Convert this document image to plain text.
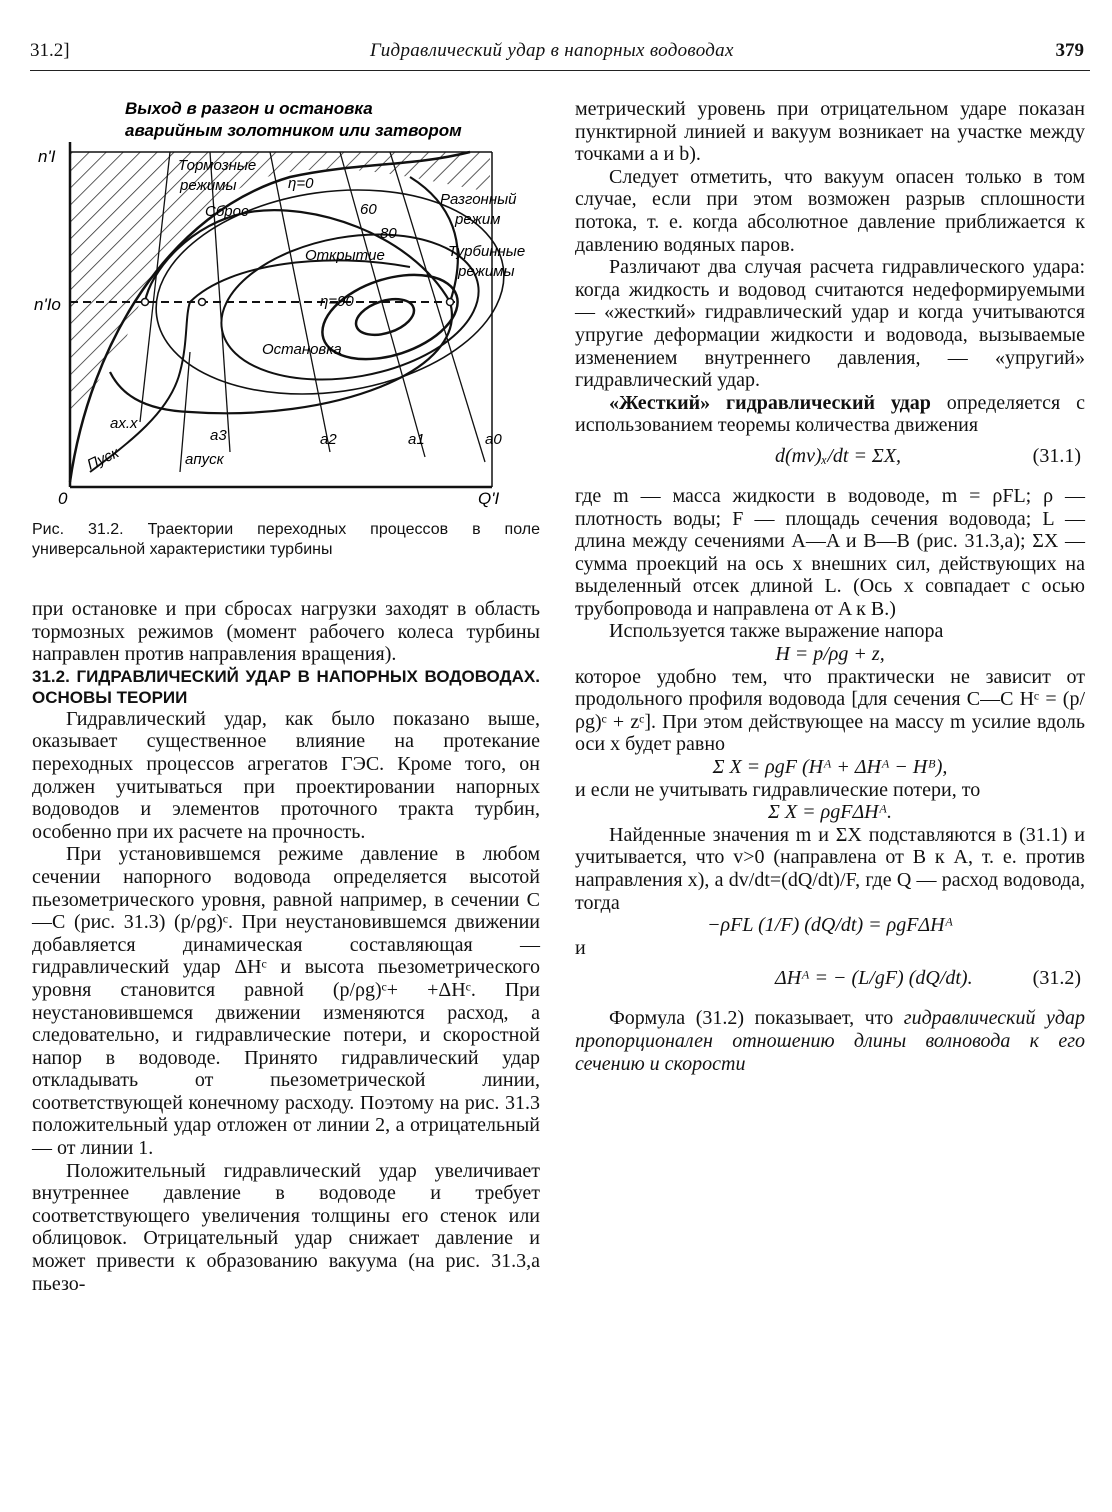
31.2]	Гидравлический удар в напорных водоводах	379
Выход в разгон и остановка
аварийным золотником или затвором
n'I
n'Io
Q'I
0
Тормозные
режимы	η=0
Сброс	60
80
Открытие
η=90
Остановка
Разгонный
режим
Турбинные
режимы
aх.х
a3	a2	a1	a0
Пуск	aпуск
Рис. 31.2. Траектории переходных процессов в поле универсальной характеристики турбины

при остановке и при сбросах нагрузки заходят в область тормозных режимов (момент рабочего колеса турбины направлен против направления вращения).

31.2. ГИДРАВЛИЧЕСКИЙ УДАР В НАПОРНЫХ ВОДОВОДАХ. ОСНОВЫ ТЕОРИИ

Гидравлический удар, как было показано выше, оказывает существенное влияние на протекание переходных процессов агрегатов ГЭС. Кроме того, он должен учитываться при проектировании напорных водоводов и элементов проточного тракта турбин, особенно при их расчете на прочность.

При установившемся режиме давление в любом сечении напорного водовода определяется высотой пьезометрического уровня, равной например, в сечении C—C (рис. 31.3) (p/ρg)ᶜ. При неустановившемся движении добавляется динамическая составляющая — гидравлический удар ΔHᶜ и высота пьезометрического уровня становится равной (p/ρg)ᶜ+ +ΔHᶜ. При неустановившемся движении изменяются расход, а следовательно, и гидравлические потери, и скоростной напор в водоводе. Принято гидравлический удар откладывать от пьезометрической линии, соответствующей конечному расходу. Поэтому на рис. 31.3 положительный удар отложен от линии 2, а отрицательный — от линии 1.

Положительный гидравлический удар увеличивает внутреннее давление в водоводе и требует соответствующего увеличения толщины его стенок или облицовок. Отрицательный удар снижает давление и может привести к образованию вакуума (на рис. 31.3,a пьезо-

метрический уровень при отрицательном ударе показан пунктирной линией и вакуум возникает на участке между точками a и b).

Следует отметить, что вакуум опасен только в том случае, если при этом возможен разрыв сплошности потока, т. е. когда абсолютное давление приближается к давлению водяных паров.

Различают два случая расчета гидравлического удара: когда жидкость и водовод считаются недеформируемыми — «жесткий» гидравлический удар и когда учитываются упругие деформации жидкости и водовода, вызываемые изменением внутреннего давления, — «упругий» гидравлический удар.

«Жесткий» гидравлический удар определяется с использованием теоремы количества движения

d(mv)ₓ/dt = ΣX,	(31.1)

где m — масса жидкости в водоводе, m = ρFL; ρ — плотность воды; F — площадь сечения водовода; L — длина между сечениями A—A и B—B (рис. 31.3,a); ΣX — сумма проекций на ось x внешних сил, действующих на выделенный отсек длиной L. (Ось x совпадает с осью трубопровода и направлена от A к B.)

Используется также выражение напора

H = p/ρg + z,

которое удобно тем, что практически не зависит от продольного профиля водовода [для сечения C—C Hᶜ = (p/ρg)ᶜ + zᶜ]. При этом действующее на массу m усилие вдоль оси x будет равно

Σ X = ρgF (Hᴬ + ΔHᴬ − Hᴮ),

и если не учитывать гидравлические потери, то

Σ X = ρgFΔHᴬ.

Найденные значения m и ΣX подставляются в (31.1) и учитывается, что v>0 (направлена от B к A, т. е. против направления x), а dv/dt=(dQ/dt)/F, где Q — расход водовода, тогда

−ρFL (1/F) (dQ/dt) = ρgFΔHᴬ

и

ΔHᴬ = − (L/gF) (dQ/dt).	(31.2)

Формула (31.2) показывает, что гидравлический удар пропорционален отношению длины волновода к его сечению и скорости
